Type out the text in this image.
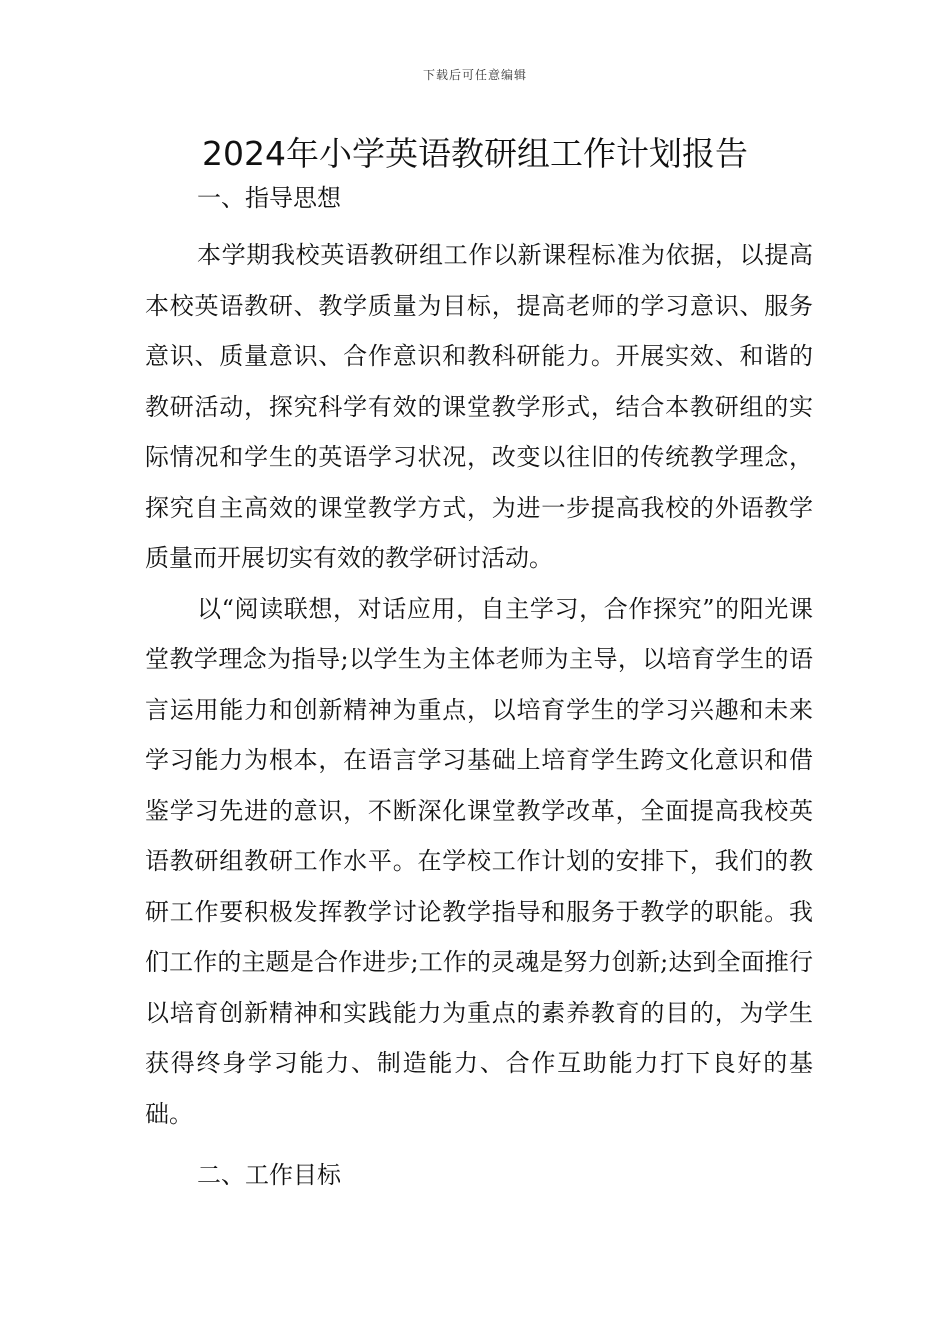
下载后可任意编辑
2024年小学英语教研组工作计划报告

一、指导思想

本学期我校英语教研组工作以新课程标准为依据，以提高本校英语教研、教学质量为目标，提高老师的学习意识、服务意识、质量意识、合作意识和教科研能力。开展实效、和谐的教研活动，探究科学有效的课堂教学形式，结合本教研组的实际情况和学生的英语学习状况，改变以往旧的传统教学理念，探究自主高效的课堂教学方式，为进一步提高我校的外语教学质量而开展切实有效的教学研讨活动。

以“阅读联想，对话应用，自主学习，合作探究”的阳光课堂教学理念为指导;以学生为主体老师为主导，以培育学生的语言运用能力和创新精神为重点，以培育学生的学习兴趣和未来学习能力为根本，在语言学习基础上培育学生跨文化意识和借鉴学习先进的意识，不断深化课堂教学改革，全面提高我校英语教研组教研工作水平。在学校工作计划的安排下，我们的教研工作要积极发挥教学讨论教学指导和服务于教学的职能。我们工作的主题是合作进步;工作的灵魂是努力创新;达到全面推行以培育创新精神和实践能力为重点的素养教育的目的，为学生获得终身学习能力、制造能力、合作互助能力打下良好的基础。

二、工作目标
